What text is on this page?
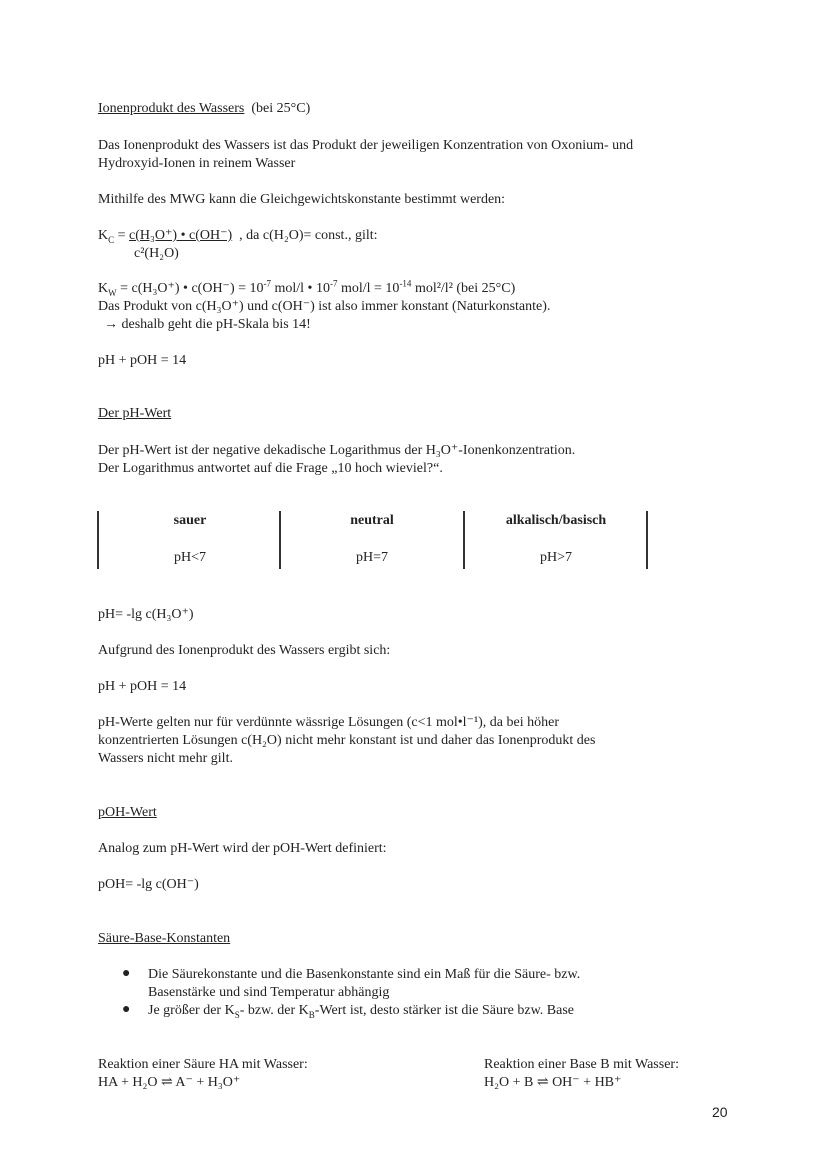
Ionenprodukt des Wassers (bei 25°C)
Das Ionenprodukt des Wassers ist das Produkt der jeweiligen Konzentration von Oxonium- und
Hydroxyid-Ionen in reinem Wasser
Mithilfe des MWG kann die Gleichgewichtskonstante bestimmt werden:
$K_C = c(H_3O^+)$ • c(OH⁻) , da c(H₂O)= const., gilt:
c²(H₂O)
$K_W = c(H_3O^+)$ • $c(OH^-) = 10^{-7}$ mol/l • $10^{-7}$ $mol/l = 10^{-14}$ mol²/l² (bei 25°C)
Das Produkt von c(H₃O⁺) und c(OH⁻) ist also immer konstant (Naturkonstante).
→ deshalb geht die pH-Skala bis 14!
pH + pOH = 14
Der pH-Wert
Der pH-Wert ist der negative dekadische Logarithmus der H₃O⁺-Ionenkonzentration.
Der Logarithmus antwortet auf die Frage „10 hoch wieviel?“.
sauer	neutral	alkalisch/basisch
pH<7	pH=7	pH>7
pH= -lg c(H₃O⁺)
Aufgrund des Ionenprodukt des Wassers ergibt sich:
pH + pOH = 14
pH-Werte gelten nur für verdünnte wässrige Lösungen (c<1 mol•l⁻¹), da bei höher
konzentrierten Lösungen c(H₂O) nicht mehr konstant ist und daher das Ionenprodukt des
Wassers nicht mehr gilt.
pOH-Wert
Analog zum pH-Wert wird der pOH-Wert definiert:
pOH= -lg c(OH⁻)
Säure-Base-Konstanten
● Die Säurekonstante und die Basenkonstante sind ein Maß für die Säure- bzw.
Basenstärke und sind Temperatur abhängig
● Je größer der $K_S-$ bzw. der $K_B$-Wert ist, desto stärker ist die Säure bzw. Base
Reaktion einer Säure HA mit Wasser:
HA + H₂O ⇌ A⁻ + H₃O⁺
Reaktion einer Base B mit Wasser:
H₂O + B ⇌ OH⁻ + HB⁺
20
